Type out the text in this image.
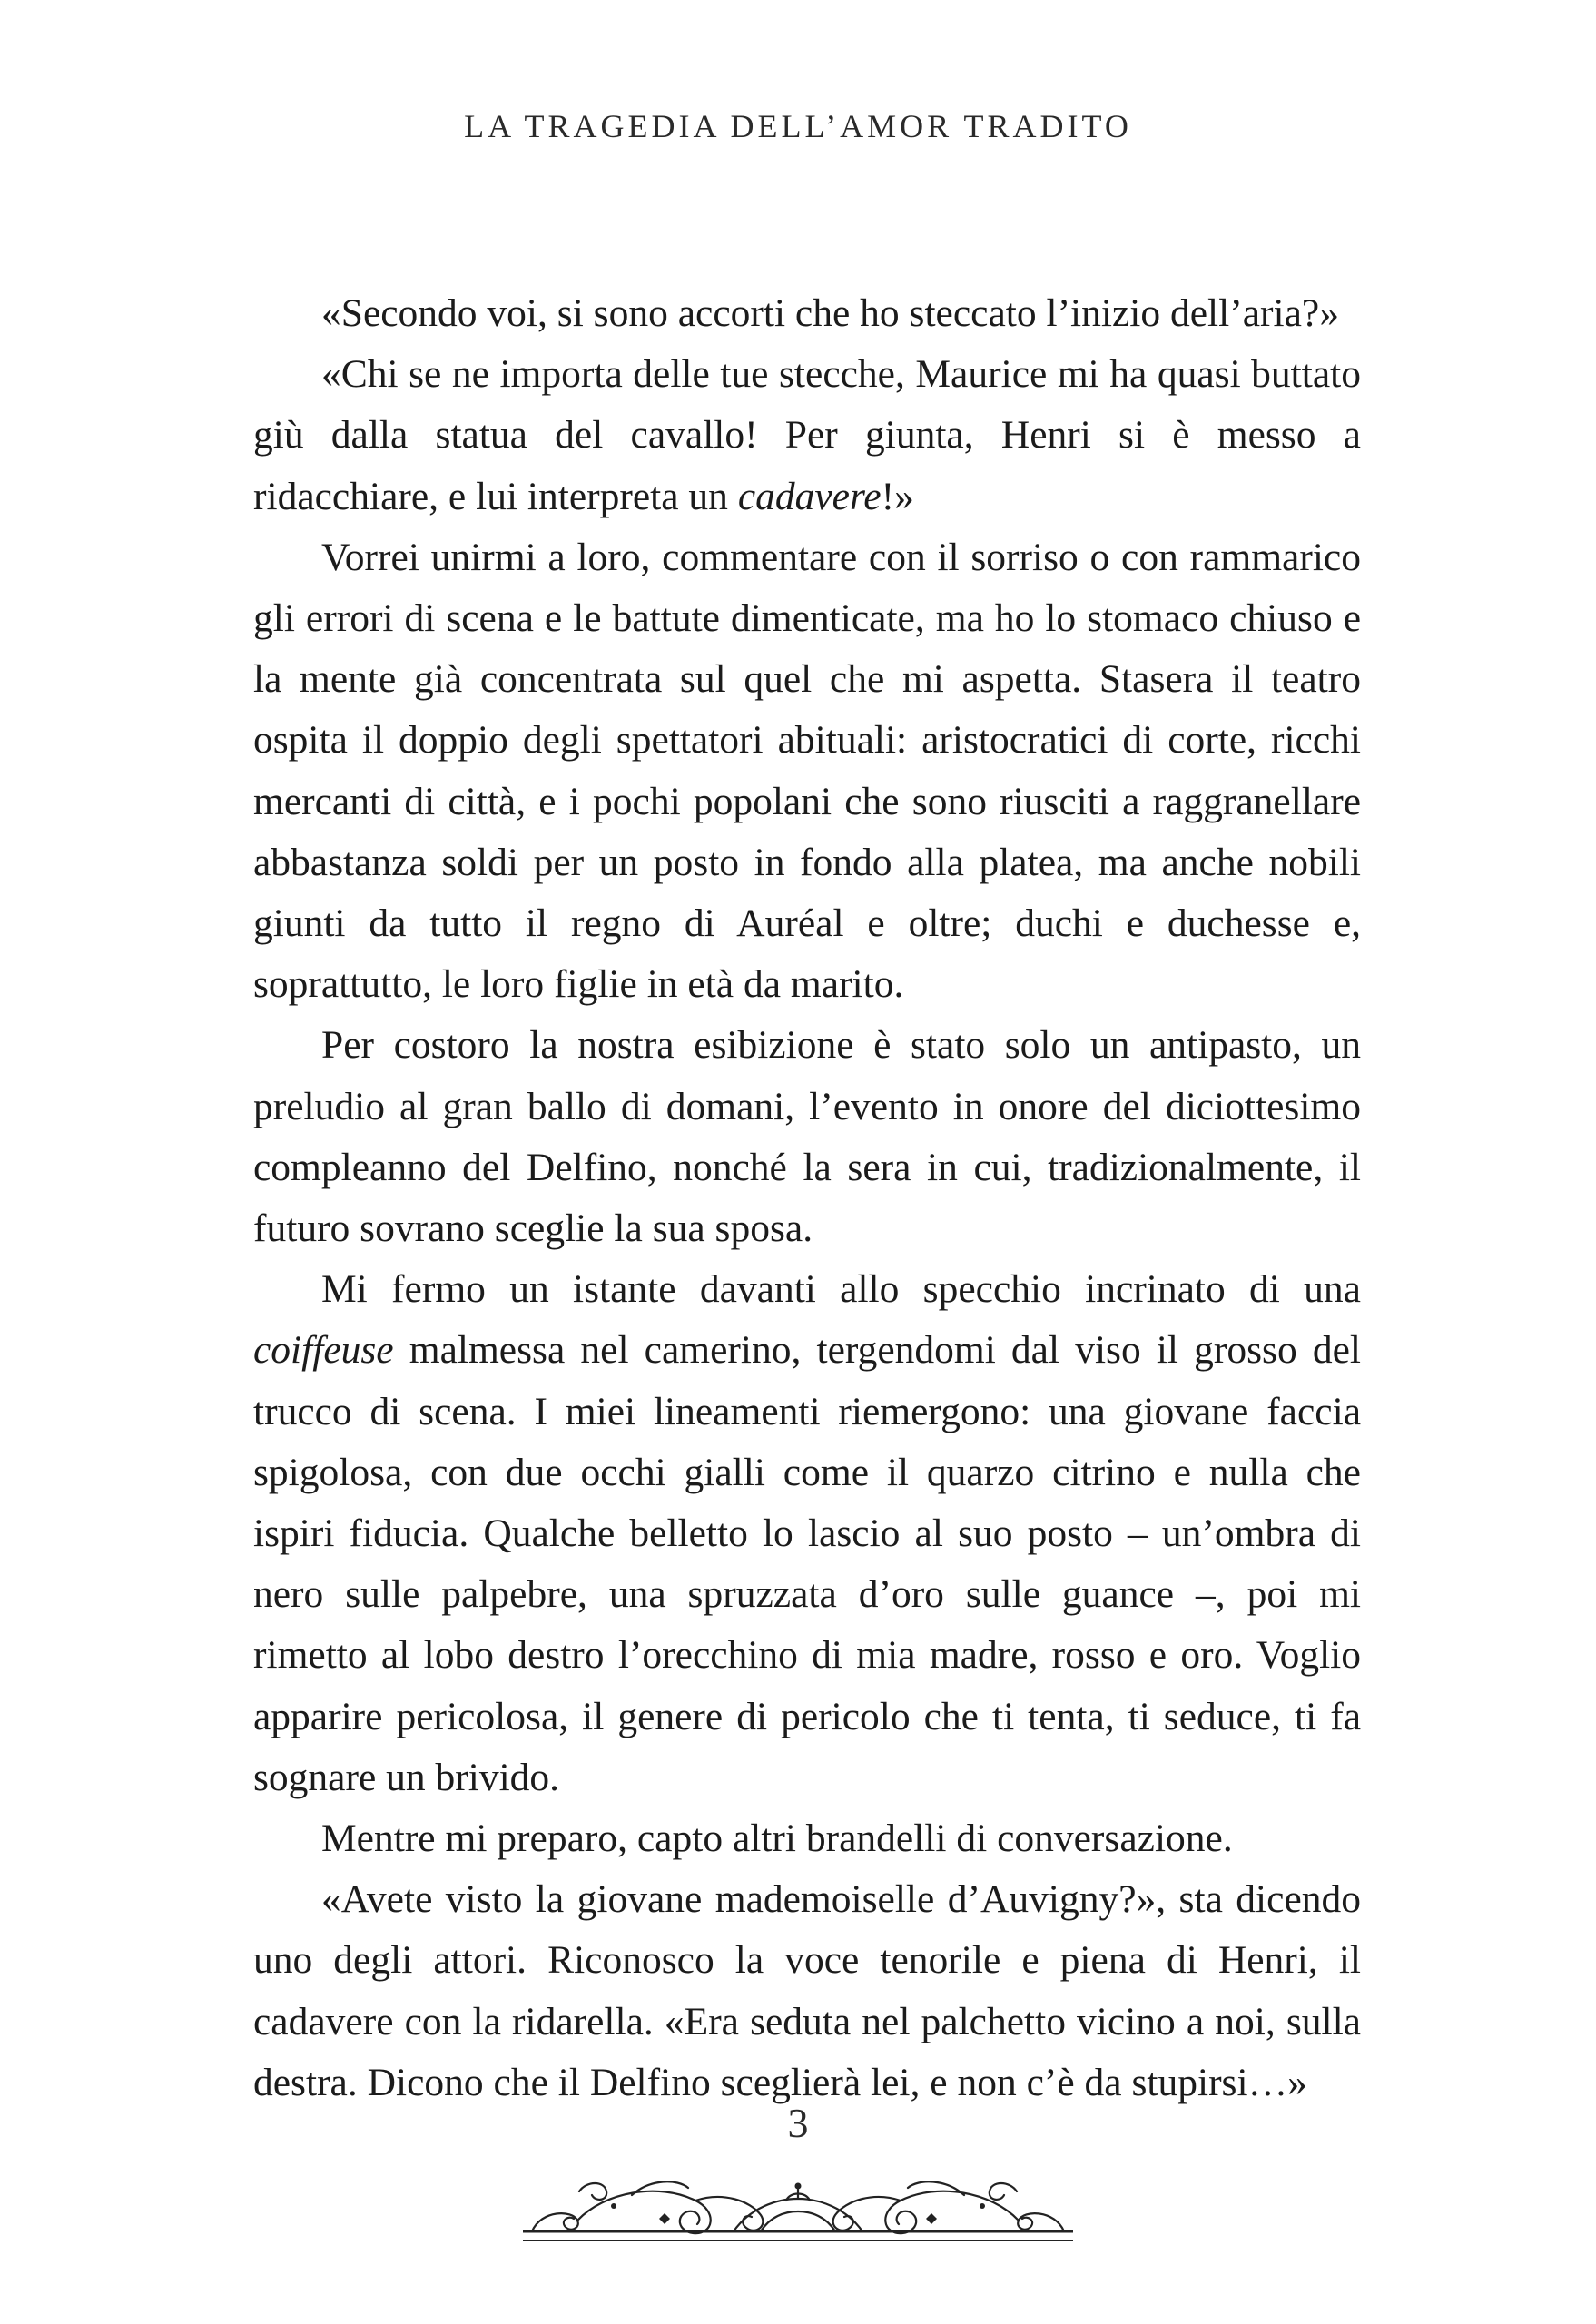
LA TRAGEDIA DELL’AMOR TRADITO

«Secondo voi, si sono accorti che ho steccato l’inizio dell’aria?»

«Chi se ne importa delle tue stecche, Maurice mi ha quasi buttato giù dalla statua del cavallo! Per giunta, Henri si è messo a ridacchiare, e lui interpreta un cadavere!»

Vorrei unirmi a loro, commentare con il sorriso o con rammarico gli errori di scena e le battute dimenticate, ma ho lo stomaco chiuso e la mente già concentrata sul quel che mi aspetta. Stasera il teatro ospita il doppio degli spettatori abituali: aristocratici di corte, ricchi mercanti di città, e i pochi popolani che sono riusciti a raggranellare abbastanza soldi per un posto in fondo alla platea, ma anche nobili giunti da tutto il regno di Auréal e oltre; duchi e duchesse e, soprattutto, le loro figlie in età da marito.

Per costoro la nostra esibizione è stato solo un antipasto, un preludio al gran ballo di domani, l’evento in onore del diciottesimo compleanno del Delfino, nonché la sera in cui, tradizionalmente, il futuro sovrano sceglie la sua sposa.

Mi fermo un istante davanti allo specchio incrinato di una coiffeuse malmessa nel camerino, tergendomi dal viso il grosso del trucco di scena. I miei lineamenti riemergono: una giovane faccia spigolosa, con due occhi gialli come il quarzo citrino e nulla che ispiri fiducia. Qualche belletto lo lascio al suo posto – un’ombra di nero sulle palpebre, una spruzzata d’oro sulle guance –, poi mi rimetto al lobo destro l’orecchino di mia madre, rosso e oro. Voglio apparire pericolosa, il genere di pericolo che ti tenta, ti seduce, ti fa sognare un brivido.

Mentre mi preparo, capto altri brandelli di conversazione.

«Avete visto la giovane mademoiselle d’Auvigny?», sta dicendo uno degli attori. Riconosco la voce tenorile e piena di Henri, il cadavere con la ridarella. «Era seduta nel palchetto vicino a noi, sulla destra. Dicono che il Delfino sceglierà lei, e non c’è da stupirsi…»

3
